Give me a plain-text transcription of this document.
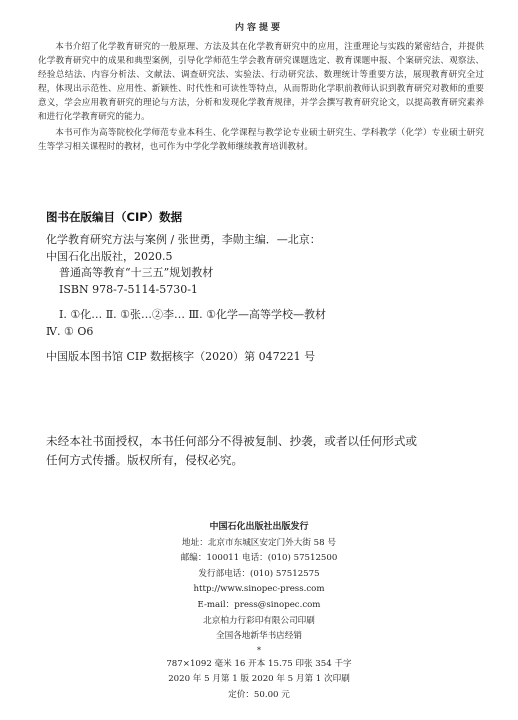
内容提要

本书介绍了化学教育研究的一般原理、方法及其在化学教育研究中的应用，注重理论与实践的紧密结合，并提供化学教育研究中的成果和典型案例，引导化学师范生学会教育研究课题选定、教育课题申报、个案研究法、观察法、经验总结法、内容分析法、文献法、调查研究法、实验法、行动研究法、数理统计等重要方法，展现教育研究全过程，体现出示范性、应用性、新颖性、时代性和可读性等特点，从而帮助化学职前教师认识到教育研究对教师的重要意义，学会应用教育研究的理论与方法，分析和发现化学教育规律，并学会撰写教育研究论文，以提高教育研究素养和进行化学教育研究的能力。

本书可作为高等院校化学师范专业本科生、化学课程与教学论专业硕士研究生、学科教学（化学）专业硕士研究生等学习相关课程时的教材，也可作为中学化学教师继续教育培训教材。

图书在版编目（CIP）数据
化学教育研究方法与案例 / 张世勇，李勋主编．—北京：
中国石化出版社，2020.5
普通高等教育“十三五”规划教材
ISBN 978-7-5114-5730-1
Ⅰ. ①化… Ⅱ. ①张…②李… Ⅲ. ①化学—高等学校—教材
Ⅳ. ① O6
中国版本图书馆 CIP 数据核字（2020）第 047221 号
未经本社书面授权，本书任何部分不得被复制、抄袭，或者以任何形式或
任何方式传播。版权所有，侵权必究。
中国石化出版社出版发行
地址：北京市东城区安定门外大街 58 号
邮编：100011 电话：(010) 57512500
发行部电话：(010) 57512575
http://www.sinopec-press.com
E-mail：press@sinopec.com
北京柏力行彩印有限公司印刷
全国各地新华书店经销
*
787×1092 毫米 16 开本 15.75 印张 354 千字
2020 年 5 月第 1 版 2020 年 5 月第 1 次印刷
定价：50.00 元
